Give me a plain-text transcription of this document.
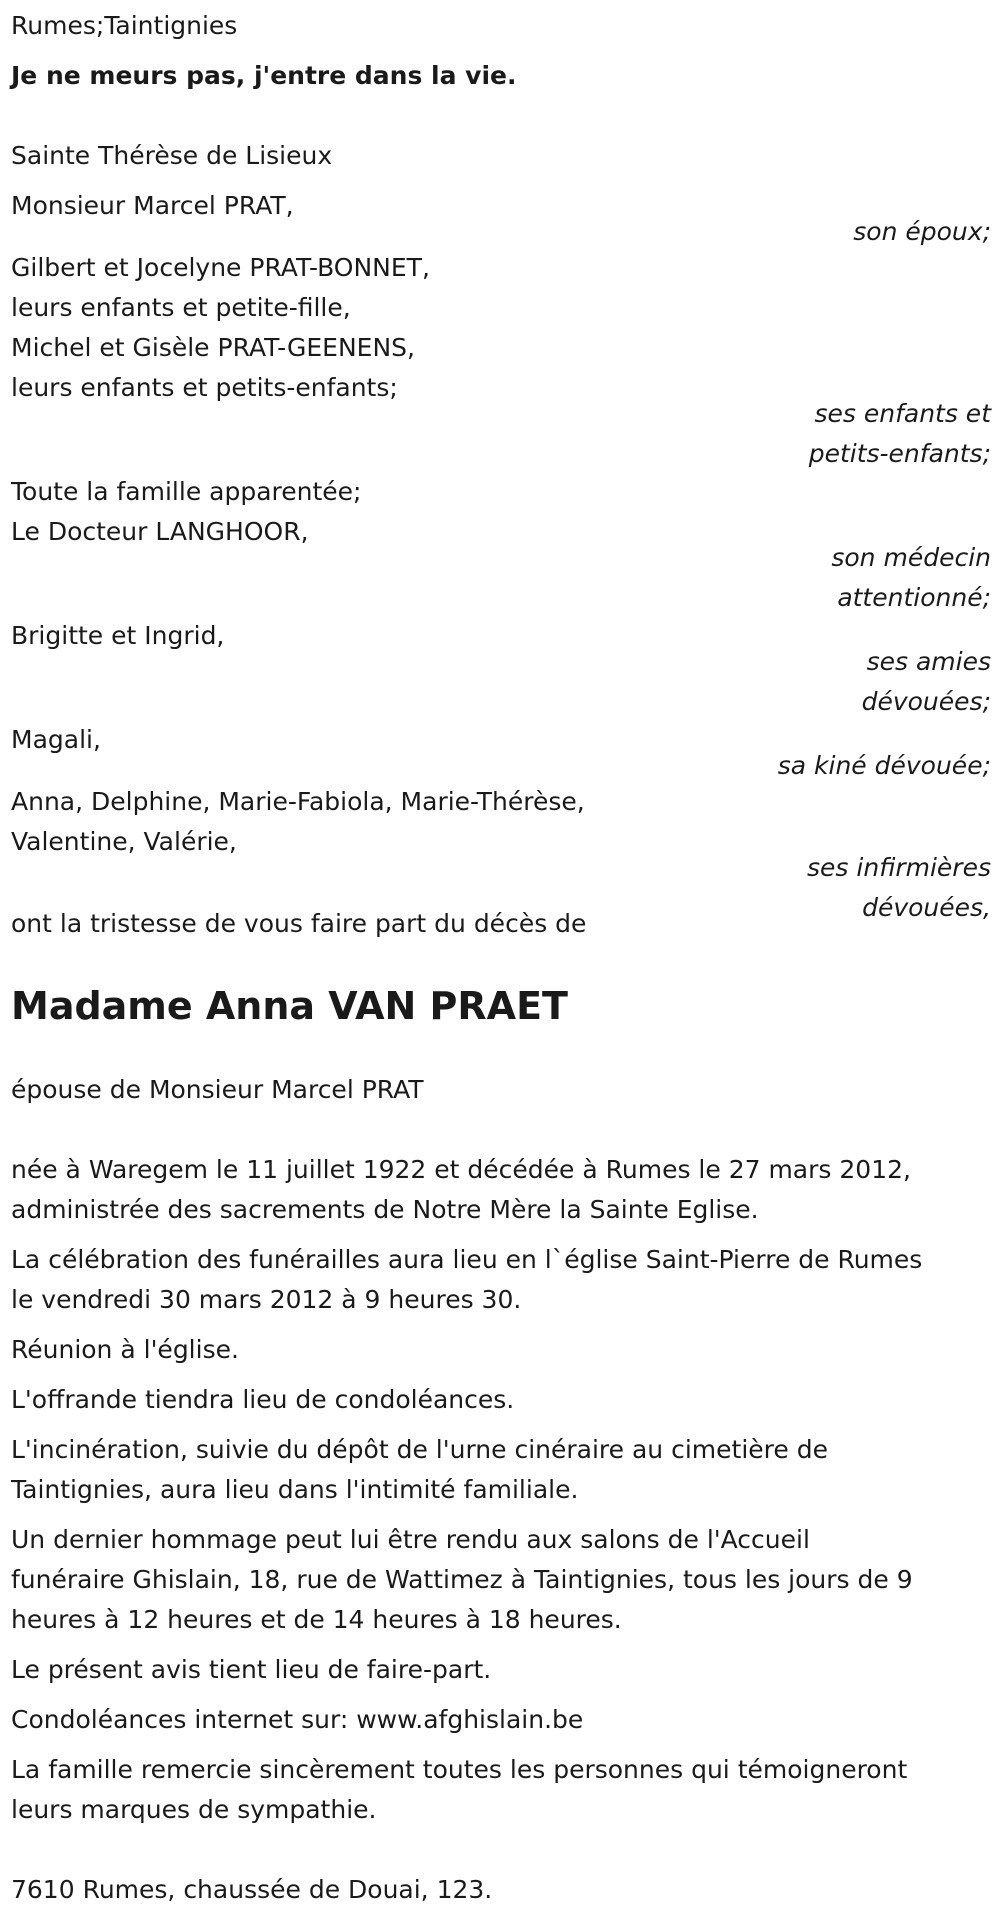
Rumes;Taintignies
Je ne meurs pas, j'entre dans la vie.
Sainte Thérèse de Lisieux
Monsieur Marcel PRAT,
son époux;
Gilbert et Jocelyne PRAT-BONNET,
leurs enfants et petite-fille,
Michel et Gisèle PRAT-GEENENS,
leurs enfants et petits-enfants;
ses enfants et
petits-enfants;
Toute la famille apparentée;
Le Docteur LANGHOOR,
son médecin
attentionné;
Brigitte et Ingrid,
ses amies
dévouées;
Magali,
sa kiné dévouée;
Anna, Delphine, Marie-Fabiola, Marie-Thérèse,
Valentine, Valérie,
ses infirmières
dévouées,
ont la tristesse de vous faire part du décès de
Madame Anna VAN PRAET
épouse de Monsieur Marcel PRAT
née à Waregem le 11 juillet 1922 et décédée à Rumes le 27 mars 2012,
administrée des sacrements de Notre Mère la Sainte Eglise.
La célébration des funérailles aura lieu en l`église Saint-Pierre de Rumes
le vendredi 30 mars 2012 à 9 heures 30.
Réunion à l'église.
L'offrande tiendra lieu de condoléances.
L'incinération, suivie du dépôt de l'urne cinéraire au cimetière de
Taintignies, aura lieu dans l'intimité familiale.
Un dernier hommage peut lui être rendu aux salons de l'Accueil
funéraire Ghislain, 18, rue de Wattimez à Taintignies, tous les jours de 9
heures à 12 heures et de 14 heures à 18 heures.
Le présent avis tient lieu de faire-part.
Condoléances internet sur: www.afghislain.be
La famille remercie sincèrement toutes les personnes qui témoigneront
leurs marques de sympathie.
7610 Rumes, chaussée de Douai, 123.
